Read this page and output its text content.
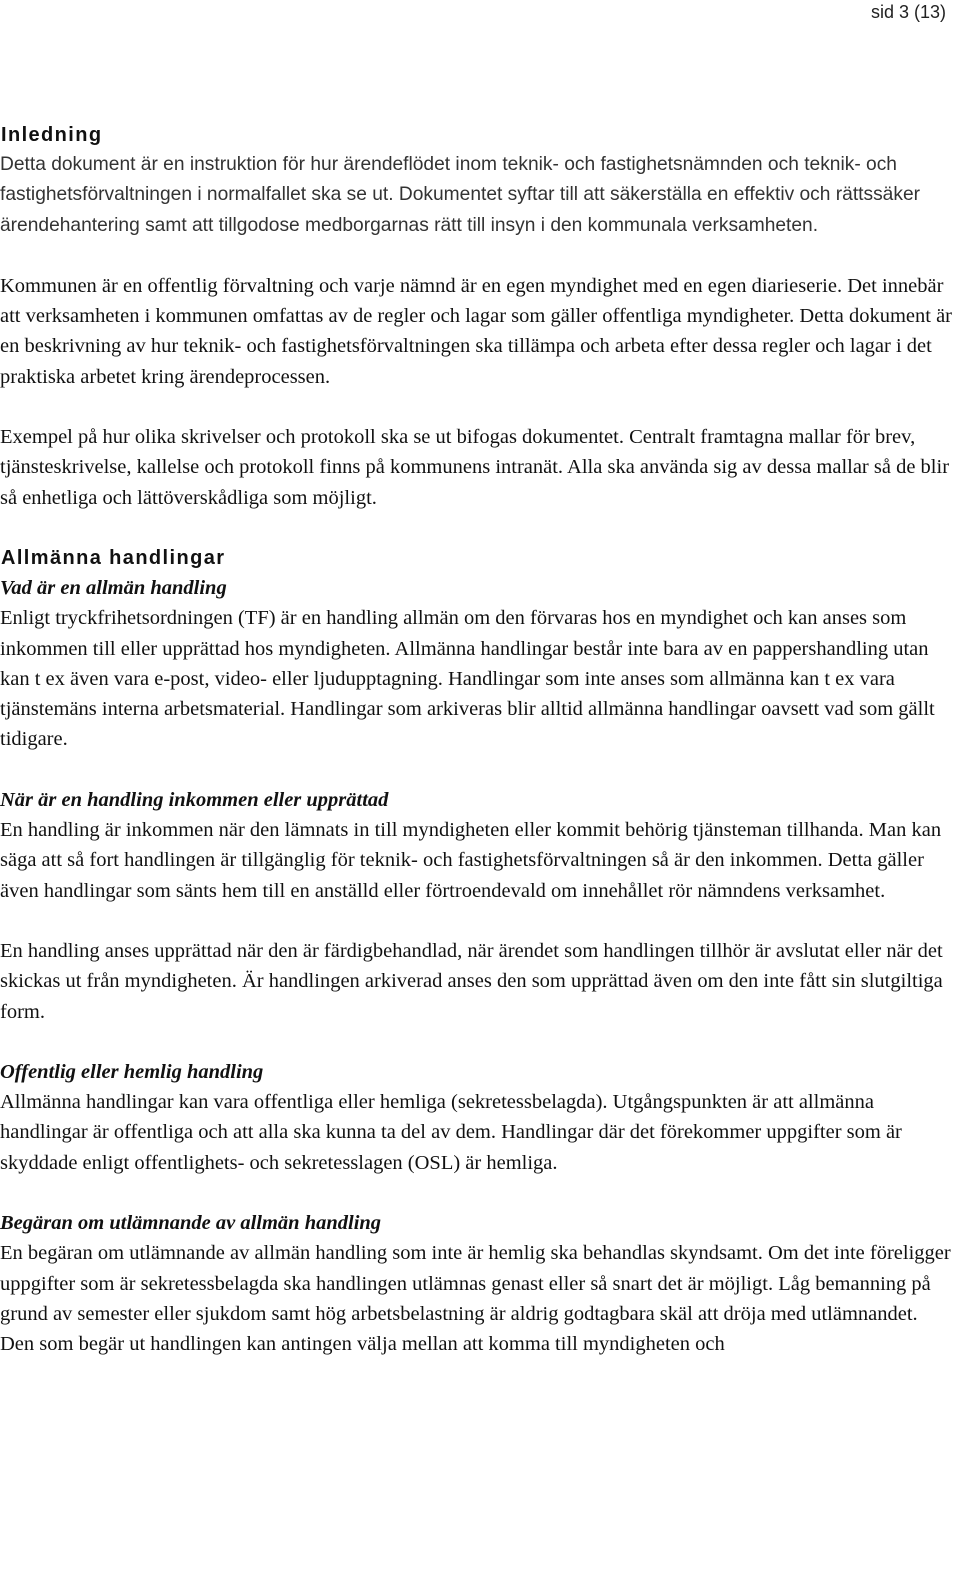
sid 3 (13)
Inledning

Detta dokument är en instruktion för hur ärendeflödet inom teknik- och fastighetsnämnden och teknik- och fastighetsförvaltningen i normalfallet ska se ut. Dokumentet syftar till att säkerställa en effektiv och rättssäker ärendehantering samt att tillgodose medborgarnas rätt till insyn i den kommunala verksamheten.

Kommunen är en offentlig förvaltning och varje nämnd är en egen myndighet med en egen diarieserie. Det innebär att verksamheten i kommunen omfattas av de regler och lagar som gäller offentliga myndigheter. Detta dokument är en beskrivning av hur teknik- och fastighetsförvaltningen ska tillämpa och arbeta efter dessa regler och lagar i det praktiska arbetet kring ärendeprocessen.

Exempel på hur olika skrivelser och protokoll ska se ut bifogas dokumentet. Centralt framtagna mallar för brev, tjänsteskrivelse, kallelse och protokoll finns på kommunens intranät. Alla ska använda sig av dessa mallar så de blir så enhetliga och lättöverskådliga som möjligt.

Allmänna handlingar
Vad är en allmän handling

Enligt tryckfrihetsordningen (TF) är en handling allmän om den förvaras hos en myndighet och kan anses som inkommen till eller upprättad hos myndigheten. Allmänna handlingar består inte bara av en pappershandling utan kan t ex även vara e-post, video- eller ljudupptagning. Handlingar som inte anses som allmänna kan t ex vara tjänstemäns interna arbetsmaterial. Handlingar som arkiveras blir alltid allmänna handlingar oavsett vad som gällt tidigare.

När är en handling inkommen eller upprättad

En handling är inkommen när den lämnats in till myndigheten eller kommit behörig tjänsteman tillhanda. Man kan säga att så fort handlingen är tillgänglig för teknik- och fastighetsförvaltningen så är den inkommen. Detta gäller även handlingar som sänts hem till en anställd eller förtroendevald om innehållet rör nämndens verksamhet.

En handling anses upprättad när den är färdigbehandlad, när ärendet som handlingen tillhör är avslutat eller när det skickas ut från myndigheten. Är handlingen arkiverad anses den som upprättad även om den inte fått sin slutgiltiga form.

Offentlig eller hemlig handling

Allmänna handlingar kan vara offentliga eller hemliga (sekretessbelagda). Utgångspunkten är att allmänna handlingar är offentliga och att alla ska kunna ta del av dem. Handlingar där det förekommer uppgifter som är skyddade enligt offentlighets- och sekretesslagen (OSL) är hemliga.

Begäran om utlämnande av allmän handling

En begäran om utlämnande av allmän handling som inte är hemlig ska behandlas skyndsamt. Om det inte föreligger uppgifter som är sekretessbelagda ska handlingen utlämnas genast eller så snart det är möjligt. Låg bemanning på grund av semester eller sjukdom samt hög arbetsbelastning är aldrig godtagbara skäl att dröja med utlämnandet. Den som begär ut handlingen kan antingen välja mellan att komma till myndigheten och
